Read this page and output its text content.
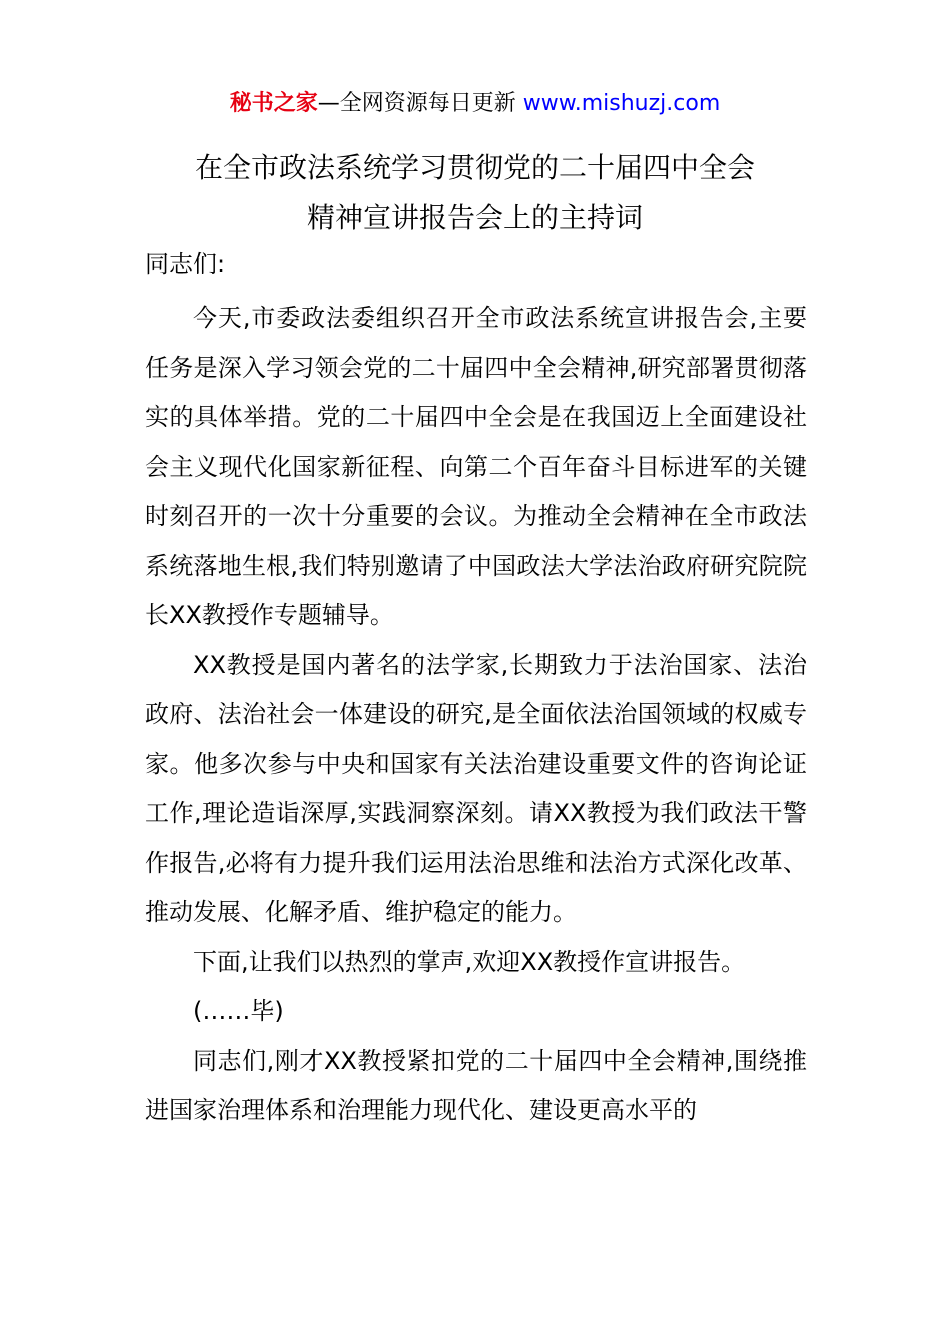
秘书之家—全网资源每日更新 www.mishuzj.com
在全市政法系统学习贯彻党的二十届四中全会
精神宣讲报告会上的主持词
同志们:

今天,市委政法委组织召开全市政法系统宣讲报告会,主要任务是深入学习领会党的二十届四中全会精神,研究部署贯彻落实的具体举措。党的二十届四中全会是在我国迈上全面建设社会主义现代化国家新征程、向第二个百年奋斗目标进军的关键时刻召开的一次十分重要的会议。为推动全会精神在全市政法系统落地生根,我们特别邀请了中国政法大学法治政府研究院院长XX教授作专题辅导。

XX教授是国内著名的法学家,长期致力于法治国家、法治政府、法治社会一体建设的研究,是全面依法治国领域的权威专家。他多次参与中央和国家有关法治建设重要文件的咨询论证工作,理论造诣深厚,实践洞察深刻。请XX教授为我们政法干警作报告,必将有力提升我们运用法治思维和法治方式深化改革、推动发展、化解矛盾、维护稳定的能力。

下面,让我们以热烈的掌声,欢迎XX教授作宣讲报告。

(……毕)

同志们,刚才XX教授紧扣党的二十届四中全会精神,围绕推进国家治理体系和治理能力现代化、建设更高水平的
